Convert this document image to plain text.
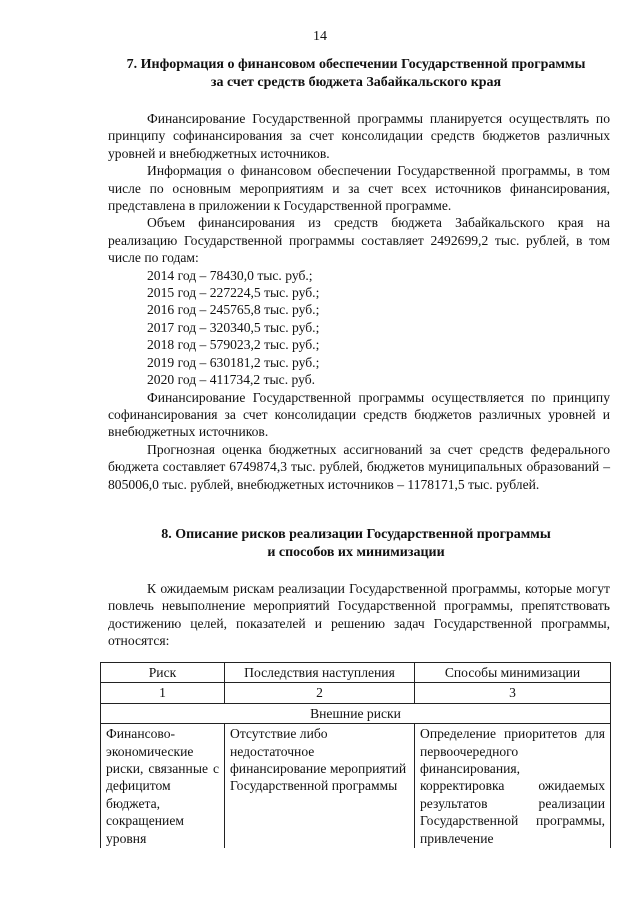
14
7. Информация о финансовом обеспечении Государственной программы
за счет средств бюджета Забайкальского края

Финансирование Государственной программы планируется осуществлять по принципу софинансирования за счет консолидации средств бюджетов различных уровней и внебюджетных источников.

Информация о финансовом обеспечении Государственной программы, в том числе по основным мероприятиям и за счет всех источников финансирования, представлена в приложении к Государственной программе.

Объем финансирования из средств бюджета Забайкальского края на реализацию Государственной программы составляет 2492699,2 тыс. рублей, в том числе по годам:

2014 год – 78430,0 тыс. руб.;

2015 год – 227224,5 тыс. руб.;

2016 год – 245765,8 тыс. руб.;

2017 год – 320340,5 тыс. руб.;

2018 год – 579023,2 тыс. руб.;

2019 год – 630181,2 тыс. руб.;

2020 год – 411734,2 тыс. руб.

Финансирование Государственной программы осуществляется по принципу софинансирования за счет консолидации средств бюджетов различных уровней и внебюджетных источников.

Прогнозная оценка бюджетных ассигнований за счет средств федерального бюджета составляет 6749874,3 тыс. рублей, бюджетов муниципальных образований – 805006,0 тыс. рублей, внебюджетных источников – 1178171,5 тыс. рублей.

8. Описание рисков реализации Государственной программы
и способов их минимизации

К ожидаемым рискам реализации Государственной программы, которые могут повлечь невыполнение мероприятий Государственной программы, препятствовать достижению целей, показателей и решению задач Государственной программы, относятся:

Риск	Последствия наступления	Способы минимизации
1	2	3
Внешние риски		
Финансово-экономические риски, связанные с дефицитом бюджета, сокращением уровня	Отсутствие либо недостаточное финансирование мероприятий Государственной программы	Определение приоритетов для первоочередного финансирования, корректировка ожидаемых результатов реализации Государственной программы, привлечение
